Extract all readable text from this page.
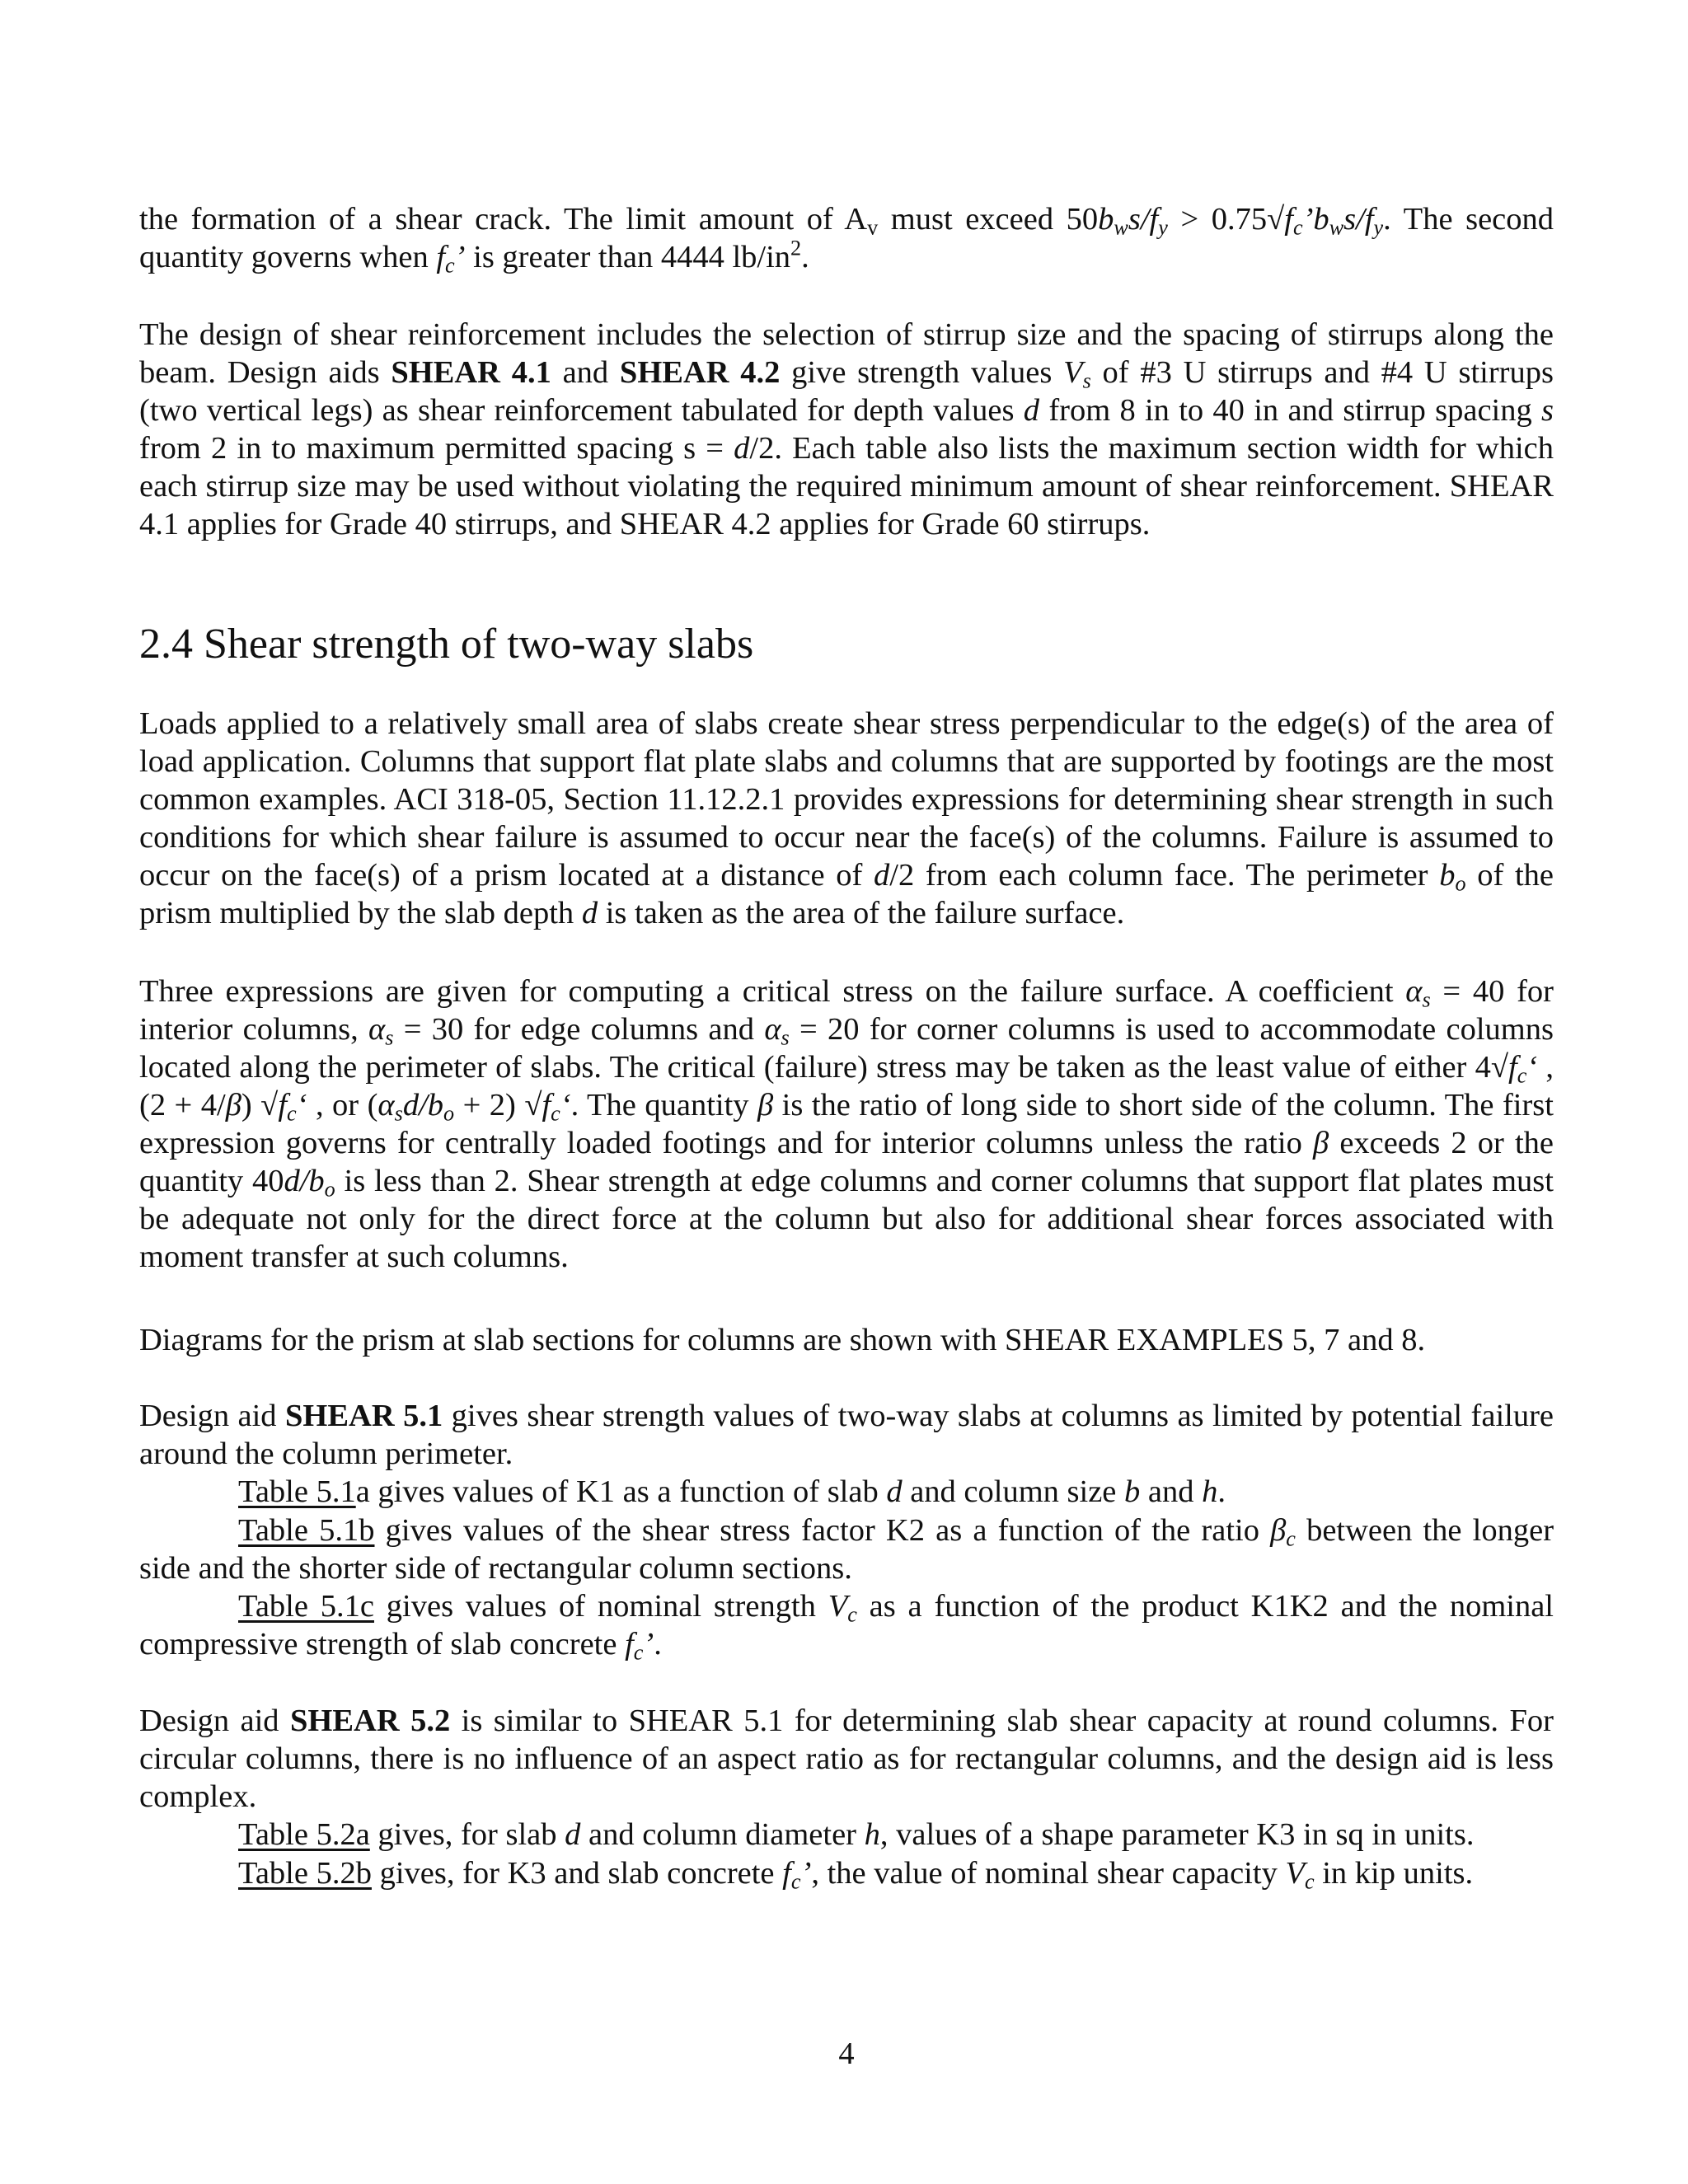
the formation of a shear crack. The limit amount of $A_v$ must exceed $50b_ws/f_y$ > $0.75√f_c’b_ws/f_y$. The second quantity governs when $f_c$’ is greater than 4444 $lb/in^2$.

The design of shear reinforcement includes the selection of stirrup size and the spacing of stirrups along the beam. Design aids SHEAR 4.1 and SHEAR 4.2 give strength values $V_s$ of #3 U stirrups and #4 U stirrups (two vertical legs) as shear reinforcement tabulated for depth values d from 8 in to 40 in and stirrup spacing s from 2 in to maximum permitted spacing s = d/2. Each table also lists the maximum section width for which each stirrup size may be used without violating the required minimum amount of shear reinforcement. SHEAR 4.1 applies for Grade 40 stirrups, and SHEAR 4.2 applies for Grade 60 stirrups.

2.4 Shear strength of two-way slabs

Loads applied to a relatively small area of slabs create shear stress perpendicular to the edge(s) of the area of load application. Columns that support flat plate slabs and columns that are supported by footings are the most common examples. ACI 318-05, Section 11.12.2.1 provides expressions for determining shear strength in such conditions for which shear failure is assumed to occur near the face(s) of the columns. Failure is assumed to occur on the face(s) of a prism located at a distance of d/2 from each column face. The perimeter $b_o$ of the prism multiplied by the slab depth d is taken as the area of the failure surface.

Three expressions are given for computing a critical stress on the failure surface. A coefficient $\alpha_s = 40$ for interior columns, $\alpha_s = 30$ for edge columns and $\alpha_s = 20$ for corner columns is used to accommodate columns located along the perimeter of slabs. The critical (failure) stress may be taken as the least value of either $4√f_c‘$ , (2 + 4/β) $√f_c‘$ , or $(\alpha_sd/b_o + 2)$ $√f_c‘$. The quantity β is the ratio of long side to short side of the column. The first expression governs for centrally loaded footings and for interior columns unless the ratio β exceeds 2 or the quantity $40d/b_o$ is less than 2. Shear strength at edge columns and corner columns that support flat plates must be adequate not only for the direct force at the column but also for additional shear forces associated with moment transfer at such columns.

Diagrams for the prism at slab sections for columns are shown with SHEAR EXAMPLES 5, 7 and 8.

Design aid SHEAR 5.1 gives shear strength values of two-way slabs at columns as limited by potential failure around the column perimeter.

Table 5.1a gives values of K1 as a function of slab d and column size b and h.

Table 5.1b gives values of the shear stress factor K2 as a function of the ratio $\beta_c$ between the longer side and the shorter side of rectangular column sections.

Table 5.1c gives values of nominal strength $V_c$ as a function of the product K1K2 and the nominal compressive strength of slab concrete $f_c$’.

Design aid SHEAR 5.2 is similar to SHEAR 5.1 for determining slab shear capacity at round columns. For circular columns, there is no influence of an aspect ratio as for rectangular columns, and the design aid is less complex.

Table 5.2a gives, for slab d and column diameter h, values of a shape parameter K3 in sq in units.

Table 5.2b gives, for K3 and slab concrete $f_c$’, the value of nominal shear capacity $V_c$ in kip units.

4
